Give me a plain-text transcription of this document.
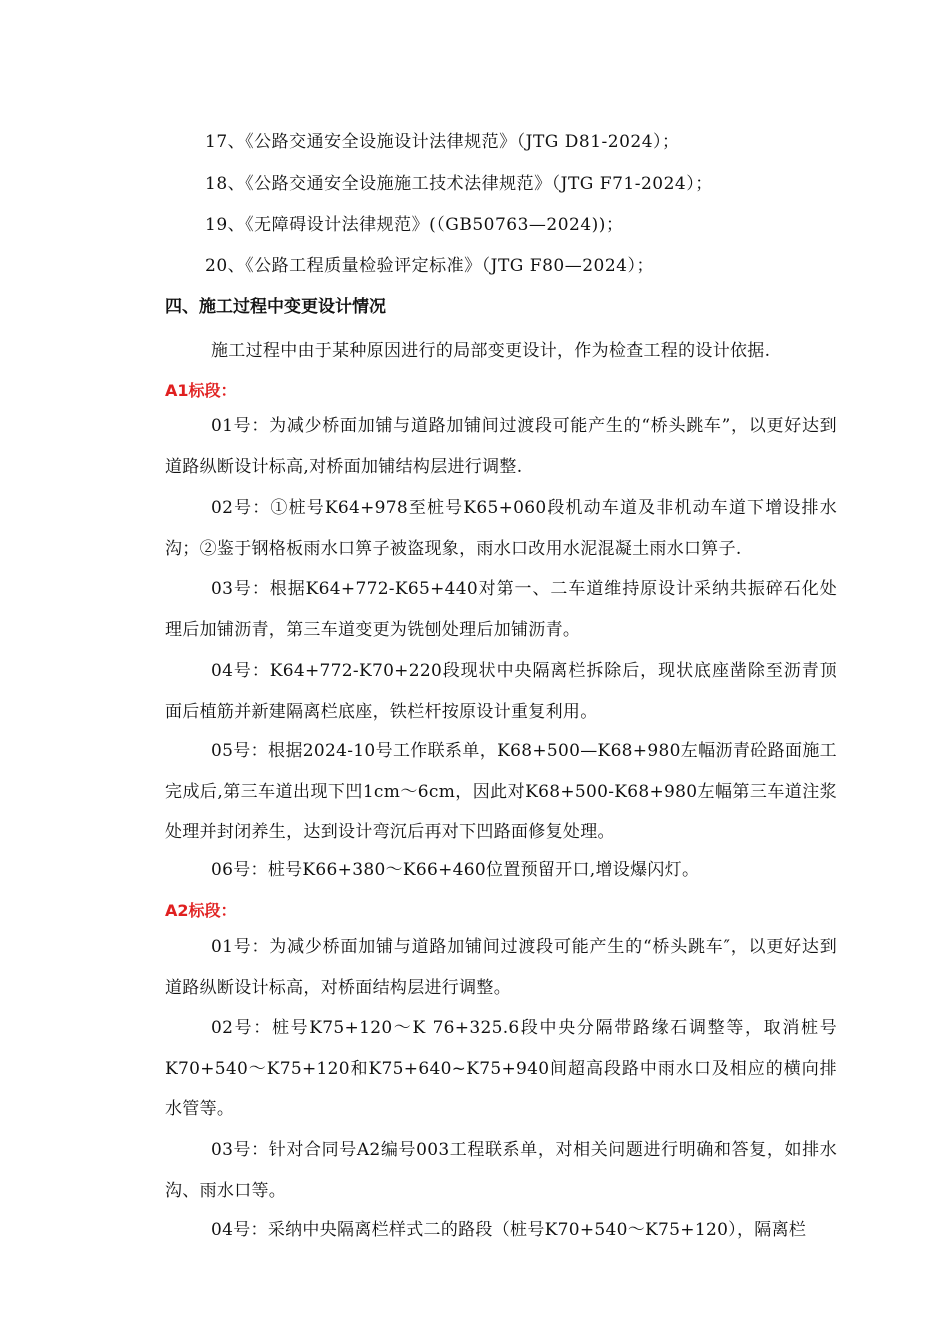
17、《公路交通安全设施设计法律规范》（JTG D81-2024）；
18、《公路交通安全设施施工技术法律规范》（JTG F71-2024）；
19、《无障碍设计法律规范》(（GB50763—2024))；
20、《公路工程质量检验评定标准》（JTG F80—2024）；
四、施工过程中变更设计情况
施工过程中由于某种原因进行的局部变更设计，作为检查工程的设计依据.
A1标段：
01号：为减少桥面加铺与道路加铺间过渡段可能产生的“桥头跳车”，以更好达到道路纵断设计标高,对桥面加铺结构层进行调整.
02号：①桩号K64+978至桩号K65+060段机动车道及非机动车道下增设排水沟；②鉴于钢格板雨水口箅子被盗现象，雨水口改用水泥混凝土雨水口箅子.
03号：根据K64+772-K65+440对第一、二车道维持原设计采纳共振碎石化处理后加铺沥青，第三车道变更为铣刨处理后加铺沥青。
04号：K64+772-K70+220段现状中央隔离栏拆除后，现状底座凿除至沥青顶面后植筋并新建隔离栏底座，铁栏杆按原设计重复利用。
05号：根据2024-10号工作联系单，K68+500—K68+980左幅沥青砼路面施工完成后,第三车道出现下凹1cm～6cm，因此对K68+500-K68+980左幅第三车道注浆处理并封闭养生，达到设计弯沉后再对下凹路面修复处理。
06号：桩号K66+380～K66+460位置预留开口,增设爆闪灯。
A2标段：
01号：为减少桥面加铺与道路加铺间过渡段可能产生的“桥头跳车″，以更好达到道路纵断设计标高，对桥面结构层进行调整。
02号：桩号K75+120～K 76+325.6段中央分隔带路缘石调整等，取消桩号K70+540～K75+120和K75+640~K75+940间超高段路中雨水口及相应的横向排水管等。
03号：针对合同号A2编号003工程联系单，对相关问题进行明确和答复，如排水沟、雨水口等。
04号：采纳中央隔离栏样式二的路段（桩号K70+540～K75+120），隔离栏
